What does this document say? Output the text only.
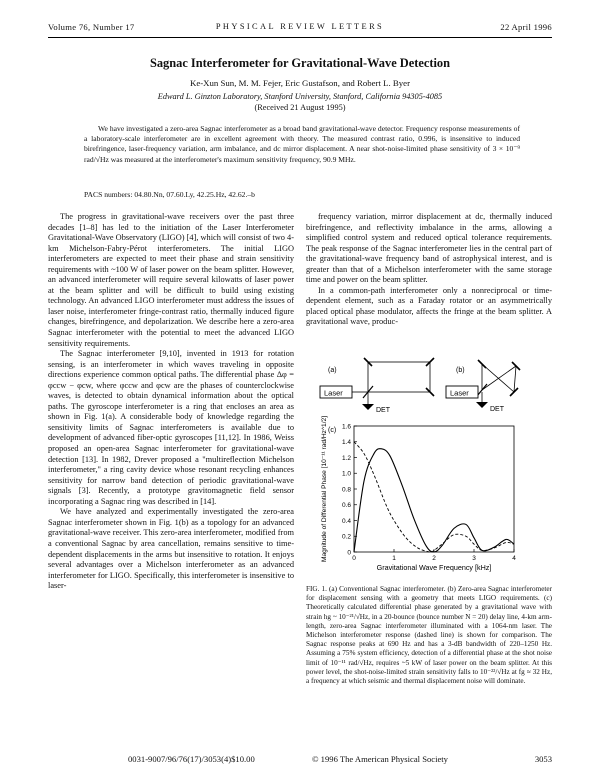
Volume 76, Number 17	PHYSICAL REVIEW LETTERS	22 April 1996
Sagnac Interferometer for Gravitational-Wave Detection
Ke-Xun Sun, M. M. Fejer, Eric Gustafson, and Robert L. Byer
Edward L. Ginzton Laboratory, Stanford University, Stanford, California 94305-4085
(Received 21 August 1995)

We have investigated a zero-area Sagnac interferometer as a broad band gravitational-wave detector. Frequency response measurements of a laboratory-scale interferometer are in excellent agreement with theory. The measured contrast ratio, 0.996, is insensitive to induced birefringence, laser-frequency variation, arm imbalance, and dc mirror displacement. A near shot-noise-limited phase sensitivity of 3 × 10⁻⁹ rad/√Hz was measured at the interferometer's maximum sensitivity frequency, 90.9 MHz.

PACS numbers: 04.80.Nn, 07.60.Ly, 42.25.Hz, 42.62.–b

The progress in gravitational-wave receivers over the past three decades [1–8] has led to the initiation of the Laser Interferometer Gravitational-Wave Observatory (LIGO) [4], which will consist of two 4-km Michelson-Fabry-Pérot interferometers. The initial LIGO interferometers are expected to meet their phase and strain sensitivity requirements with ~100 W of laser power on the beam splitter. However, an advanced interferometer will require several kilowatts of laser power at the beam splitter and will be difficult to build using existing technology. An advanced LIGO interferometer must address the issues of laser noise, interferometer fringe-contrast ratio, thermally induced figure changes, birefringence, and depolarization. We describe here a zero-area Sagnac interferometer with the potential to meet the advanced LIGO sensitivity requirements.

The Sagnac interferometer [9,10], invented in 1913 for rotation sensing, is an interferometer in which waves traveling in opposite directions experience common optical paths. The differential phase Δφ = φccw − φcw, where φccw and φcw are the phases of counterclockwise waves, is detected to obtain dynamical information about the optical paths. The gyroscope interferometer is a ring that encloses an area as shown in Fig. 1(a). A considerable body of knowledge regarding the sensitivity limits of Sagnac interferometers is available due to development of advanced fiber-optic gyroscopes [11,12]. In 1986, Weiss proposed an open-area Sagnac interferometer for gravitational-wave detection [13]. In 1982, Drever proposed a "multireflection Michelson interferometer," a ring cavity device whose resonant recycling enhances sensitivity for narrow band detection of periodic gravitational-wave signals [3]. Recently, a prototype gravitomagnetic field sensor incorporating a Sagnac ring was described in [14].

We have analyzed and experimentally investigated the zero-area Sagnac interferometer shown in Fig. 1(b) as a topology for an advanced gravitational-wave receiver. This zero-area interferometer, modified from a conventional Sagnac by area cancellation, remains sensitive to time-dependent displacements in the arms but insensitive to rotation. It enjoys several advantages over a Michelson interferometer as an advanced interferometer for LIGO. Specifically, this interferometer is insensitive to laser-

frequency variation, mirror displacement at dc, thermally induced birefringence, and reflectivity imbalance in the arms, allowing a simplified control system and reduced optical tolerance requirements. The peak response of the Sagnac interferometer lies in the central part of the gravitational-wave frequency band of astrophysical interest, and is greater than that of a Michelson interferometer with the same storage time and power on the beam splitter.

In a common-path interferometer only a nonreciprocal or time-dependent element, such as a Faraday rotator or an asymmetrically placed optical phase modulator, affects the fringe at the beam splitter. A gravitational wave, produc-

(a)
Laser
DET
(b)
Laser
DET
(c)
0
0.2
0.4
0.6
0.8
1.0
1.2
1.4
1.6
0	1	2	3	4
Gravitational Wave Frequency [kHz]
Magnitude of Differential Phase [10⁻¹¹ rad/Hz^1/2]

FIG. 1. (a) Conventional Sagnac interferometer. (b) Zero-area Sagnac interferometer for displacement sensing with a geometry that meets LIGO requirements. (c) Theoretically calculated differential phase generated by a gravitational wave with strain hg ~ 10⁻²¹/√Hz, in a 20-bounce (bounce number N = 20) delay line, 4-km arm-length, zero-area Sagnac interferometer illuminated with a 1064-nm laser. The Michelson interferometer response (dashed line) is shown for comparison. The Sagnac response peaks at 690 Hz and has a 3-dB bandwidth of 220–1250 Hz. Assuming a 75% system efficiency, detection of a differential phase at the shot noise limit of 10⁻¹¹ rad/√Hz, requires ~5 kW of laser power on the beam splitter. At this power level, the shot-noise-limited strain sensitivity falls to 10⁻²²/√Hz at fg ≈ 32 Hz, a frequency at which seismic and thermal displacement noise will dominate.

0031-9007/96/76(17)/3053(4)$10.00	© 1996 The American Physical Society	3053
